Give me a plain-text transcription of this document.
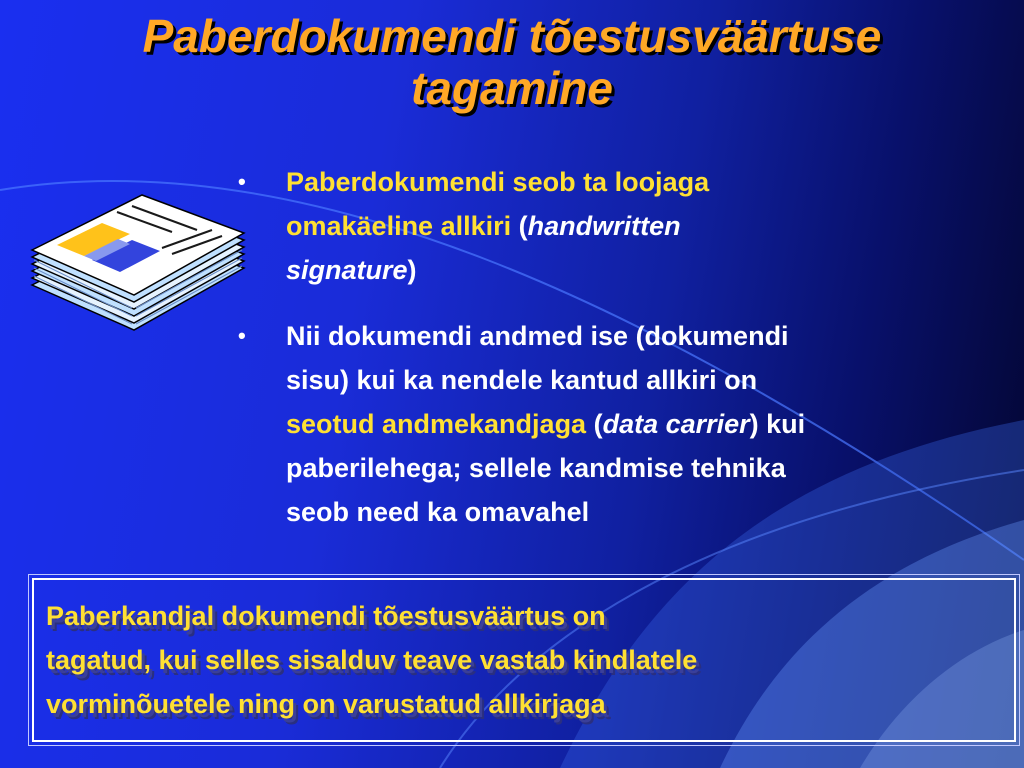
Paberdokumendi tõestusväärtuse
tagamine
• Paberdokumendi seob ta loojaga
omakäeline allkiri (handwritten
signature)
• Nii dokumendi andmed ise (dokumendi
sisu) kui ka nendele kantud allkiri on
seotud andmekandjaga (data carrier) kui
paberilehega; sellele kandmise tehnika
seob need ka omavahel
Paberkandjal dokumendi tõestusväärtus on
tagatud, kui selles sisalduv teave vastab kindlatele
vorminõuetele ning on varustatud allkirjaga
